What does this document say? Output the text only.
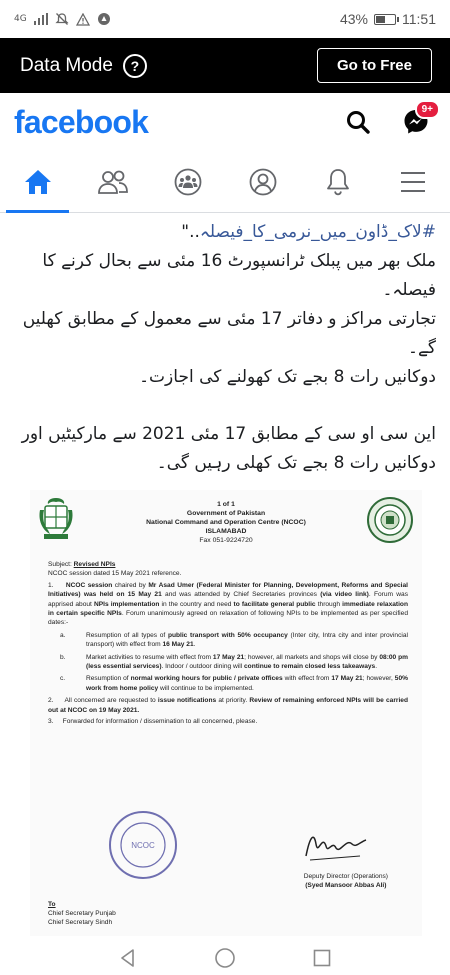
4G	43% 11:51
Data Mode	?	Go to Free
facebook	9+

#لاک_ڈاون_میں_نرمی_کا_فیصلہ.."

ملک بھر میں پبلک ٹرانسپورٹ 16 مئی سے بحال کرنے کا فیصلہ۔

تجارتی مراکز و دفاتر 17 مئی سے معمول کے مطابق کھلیں گے۔

دوکانیں رات 8 بجے تک کھولنے کی اجازت۔

این سی او سی کے مطابق 17 مئی 2021 سے مارکیٹیں اور دوکانیں رات 8 بجے تک کھلی رہیں گی۔

1 of 1
Government of Pakistan
National Command and Operation Centre (NCOC)
ISLAMABAD
Fax 051-9224720
Subject: Revised NPIs
NCOC session dated 15 May 2021 reference.
1. NCOC session chaired by Mr Asad Umer (Federal Minister for Planning, Development, Reforms and Special Initiatives) was held on 15 May 21 and was attended by Chief Secretaries provinces (via video link). Forum was apprised about NPIs implementation in the country and need to facilitate general public through immediate relaxation in certain specific NPIs. Forum unanimously agreed on relaxation of following NPIs to be implemented as per specified dates:-
a.	Resumption of all types of public transport with 50% occupancy (Inter city, Intra city and inter provincial transport) with effect from 16 May 21.
b.	Market activities to resume with effect from 17 May 21; however, all markets and shops will close by 08:00 pm (less essential services). Indoor / outdoor dining will continue to remain closed less takeaways.
c.	Resumption of normal working hours for public / private offices with effect from 17 May 21; however, 50% work from home policy will continue to be implemented.
2. All concerned are requested to issue notifications at priority. Review of remaining enforced NPIs will be carried out at NCOC on 19 May 2021.
3. Forwarded for information / dissemination to all concerned, please.
NCOC
Deputy Director (Operations)
(Syed Mansoor Abbas Ali)
To
Chief Secretary Punjab
Chief Secretary Sindh
